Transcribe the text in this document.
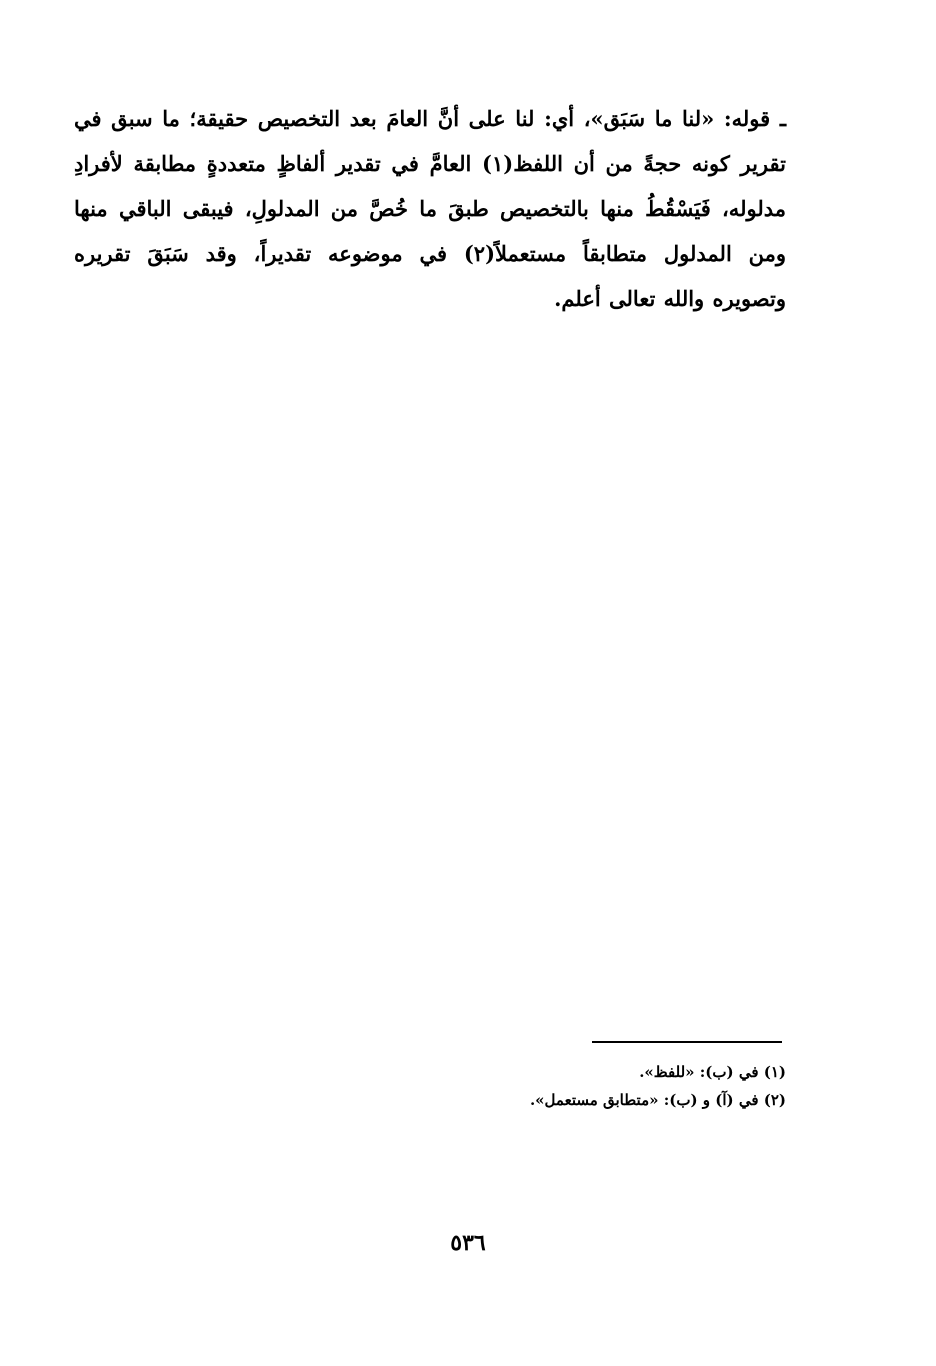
ـ قوله: «لنا ما سَبَق»، أي: لنا على أنَّ العامَ بعد التخصيص حقيقة؛ ما سبق في تقرير كونه حجةً من أن اللفظ(١) العامَّ في تقدير ألفاظٍ متعددةٍ مطابقة لأفرادِ مدلوله، فَيَسْقُطُ منها بالتخصيص طبقَ ما خُصَّ من المدلولِ، فيبقى الباقي منها ومن المدلول متطابقاً مستعملاً(٢) في موضوعه تقديراً، وقد سَبَقَ تقريره وتصويره والله تعالى أعلم.

(١) في (ب): «للفظ».

(٢) في (آ) و (ب): «متطابق مستعمل».

٥٣٦
